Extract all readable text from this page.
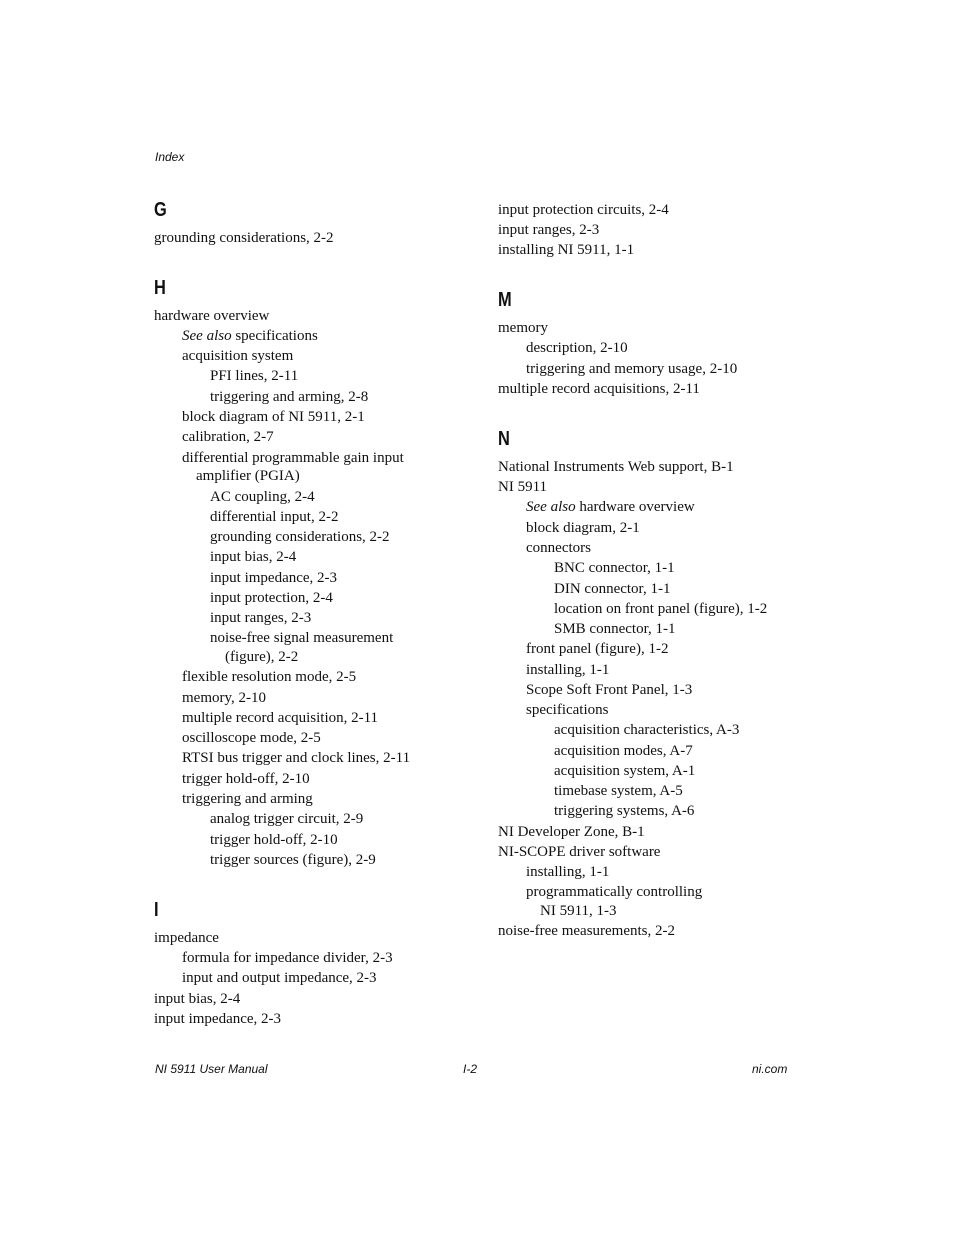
Index
G
grounding considerations, 2-2
H
hardware overview
See also specifications
acquisition system
PFI lines, 2-11
triggering and arming, 2-8
block diagram of NI 5911, 2-1
calibration, 2-7
differential programmable gain input
amplifier (PGIA)
AC coupling, 2-4
differential input, 2-2
grounding considerations, 2-2
input bias, 2-4
input impedance, 2-3
input protection, 2-4
input ranges, 2-3
noise-free signal measurement
(figure), 2-2
flexible resolution mode, 2-5
memory, 2-10
multiple record acquisition, 2-11
oscilloscope mode, 2-5
RTSI bus trigger and clock lines, 2-11
trigger hold-off, 2-10
triggering and arming
analog trigger circuit, 2-9
trigger hold-off, 2-10
trigger sources (figure), 2-9
I
impedance
formula for impedance divider, 2-3
input and output impedance, 2-3
input bias, 2-4
input impedance, 2-3
input protection circuits, 2-4
input ranges, 2-3
installing NI 5911, 1-1
M
memory
description, 2-10
triggering and memory usage, 2-10
multiple record acquisitions, 2-11
N
National Instruments Web support, B-1
NI 5911
See also hardware overview
block diagram, 2-1
connectors
BNC connector, 1-1
DIN connector, 1-1
location on front panel (figure), 1-2
SMB connector, 1-1
front panel (figure), 1-2
installing, 1-1
Scope Soft Front Panel, 1-3
specifications
acquisition characteristics, A-3
acquisition modes, A-7
acquisition system, A-1
timebase system, A-5
triggering systems, A-6
NI Developer Zone, B-1
NI-SCOPE driver software
installing, 1-1
programmatically controlling
NI 5911, 1-3
noise-free measurements, 2-2
NI 5911 User Manual	I-2	ni.com
